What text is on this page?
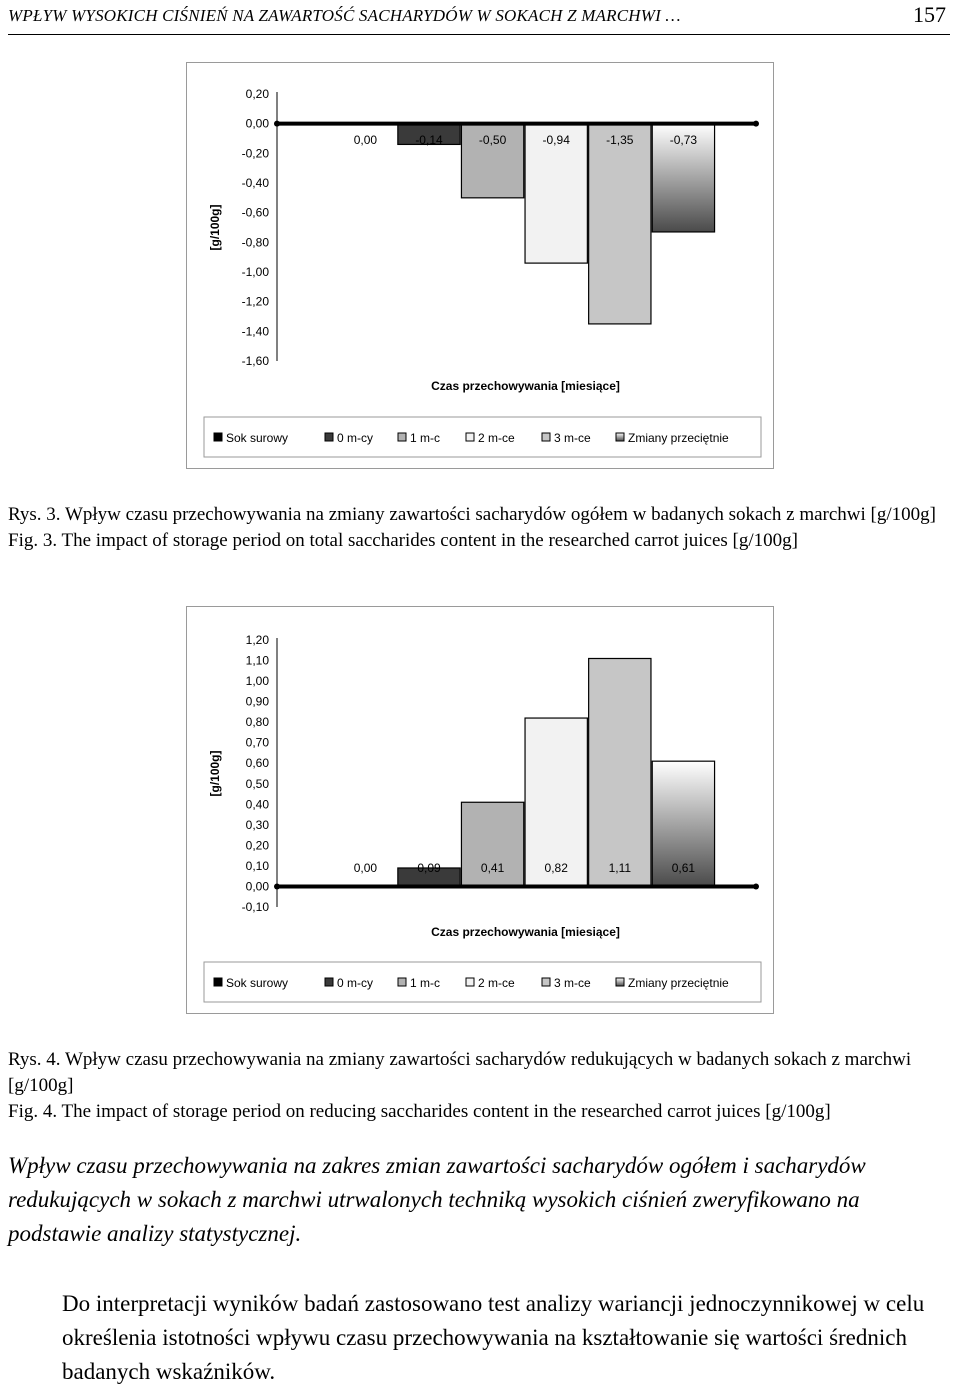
WPŁYW WYSOKICH CIŚNIEŃ NA ZAWARTOŚĆ SACHARYDÓW W SOKACH Z MARCHWI …	157
0,20
0,00
-0,20
-0,40
-0,60
-0,80
-1,00
-1,20
-1,40
-1,60
[g/100g]
0,00	-0,14	-0,50	-0,94	-1,35	-0,73
Czas przechowywania [miesiące]
Sok surowy	0 m-cy	1 m-c	2 m-ce	3 m-ce	Zmiany przeciętnie

Rys. 3. Wpływ czasu przechowywania na zmiany zawartości sacharydów ogółem w badanych sokach z marchwi [g/100g]

Fig. 3. The impact of storage period on total saccharides content in the researched carrot juices [g/100g]

1,20
1,10
1,00
0,90
0,80
0,70
0,60
0,50
0,40
0,30
0,20
0,10
0,00
-0,10
[g/100g]
0,00	0,09	0,41	0,82	1,11	0,61
Czas przechowywania [miesiące]
Sok surowy	0 m-cy	1 m-c	2 m-ce	3 m-ce	Zmiany przeciętnie

Rys. 4. Wpływ czasu przechowywania na zmiany zawartości sacharydów redukujących w badanych sokach z marchwi [g/100g]

Fig. 4. The impact of storage period on reducing saccharides content in the researched carrot juices [g/100g]

Wpływ czasu przechowywania na zakres zmian zawartości sacharydów ogółem i sacharydów redukujących w sokach z marchwi utrwalonych techniką wysokich ciśnień zweryfikowano na podstawie analizy statystycznej.

Do interpretacji wyników badań zastosowano test analizy wariancji jednoczynnikowej w celu określenia istotności wpływu czasu przechowywania na kształtowanie się wartości średnich badanych wskaźników.
